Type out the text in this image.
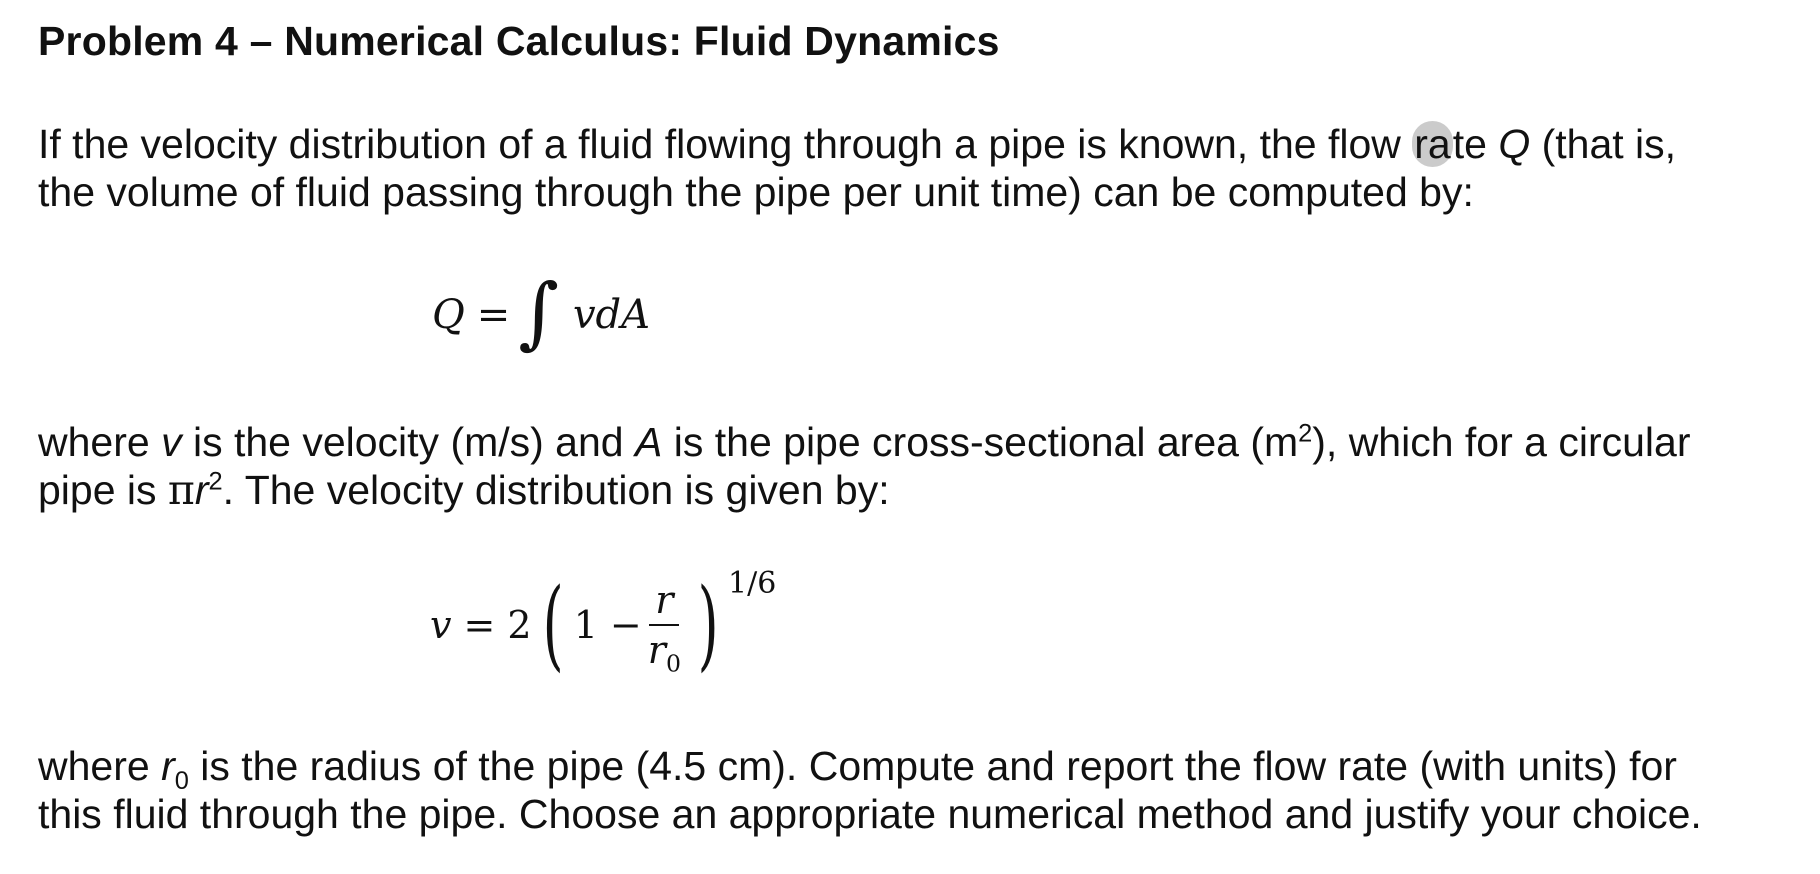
Problem 4 – Numerical Calculus: Fluid Dynamics
If the velocity distribution of a fluid flowing through a pipe is known, the flow rate Q (that is,
the volume of fluid passing through the pipe per unit time) can be computed by:
Q = ∫ vdA
where v is the velocity (m/s) and A is the pipe cross-sectional area $(m^2)$, which for a circular
pipe is $\pi r^2$. The velocity distribution is given by:
v = 2 ( $1 - \frac{r}{r_0}$ ) 1/6
where $r_0$ is the radius of the pipe (4.5 cm). Compute and report the flow rate (with units) for
this fluid through the pipe. Choose an appropriate numerical method and justify your choice.
